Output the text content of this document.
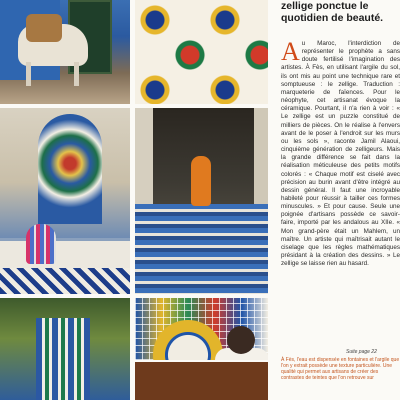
zellige ponctue le
quotidien de beauté.

Au Maroc, l'interdiction de représenter le prophète a sans doute fertilisé l'imagination des artistes. À Fès, en utilisant l'argile du sol, ils ont mis au point une technique rare et somptueuse : le zellige. Traduction : marqueterie de faïences. Pour le néophyte, cet artisanat évoque la céramique. Pourtant, il n'a rien à voir : « Le zellige est un puzzle constitué de milliers de pièces. On le réalise à l'envers avant de le poser à l'endroit sur les murs ou les sols », raconte Jamil Alaoui, cinquième génération de zelligeurs. Mais la grande différence se fait dans la réalisation méticuleuse des petits motifs colorés : « Chaque motif est ciselé avec précision au burin avant d'être intégré au dessin général. Il faut une incroyable habileté pour réussir à tailler ces formes minuscules. » Et pour cause. Seule une poignée d'artisans possède ce savoir-faire, importé par les andalous au XIIe. « Mon grand-père était un Mahlem, un maître. Un artiste qui maîtrisait autant le ciselage que les règles mathématiques présidant à la création des dessins. » Le zellige se laisse rien au hasard.

Suite page 22

À Fès, l'eau est dispensée en fontaines et l'argile que l'on y extrait possède une texture particulière. Une qualité qui permet aux artisans de créer des contrastes de teintes que l'on retrouve sur
